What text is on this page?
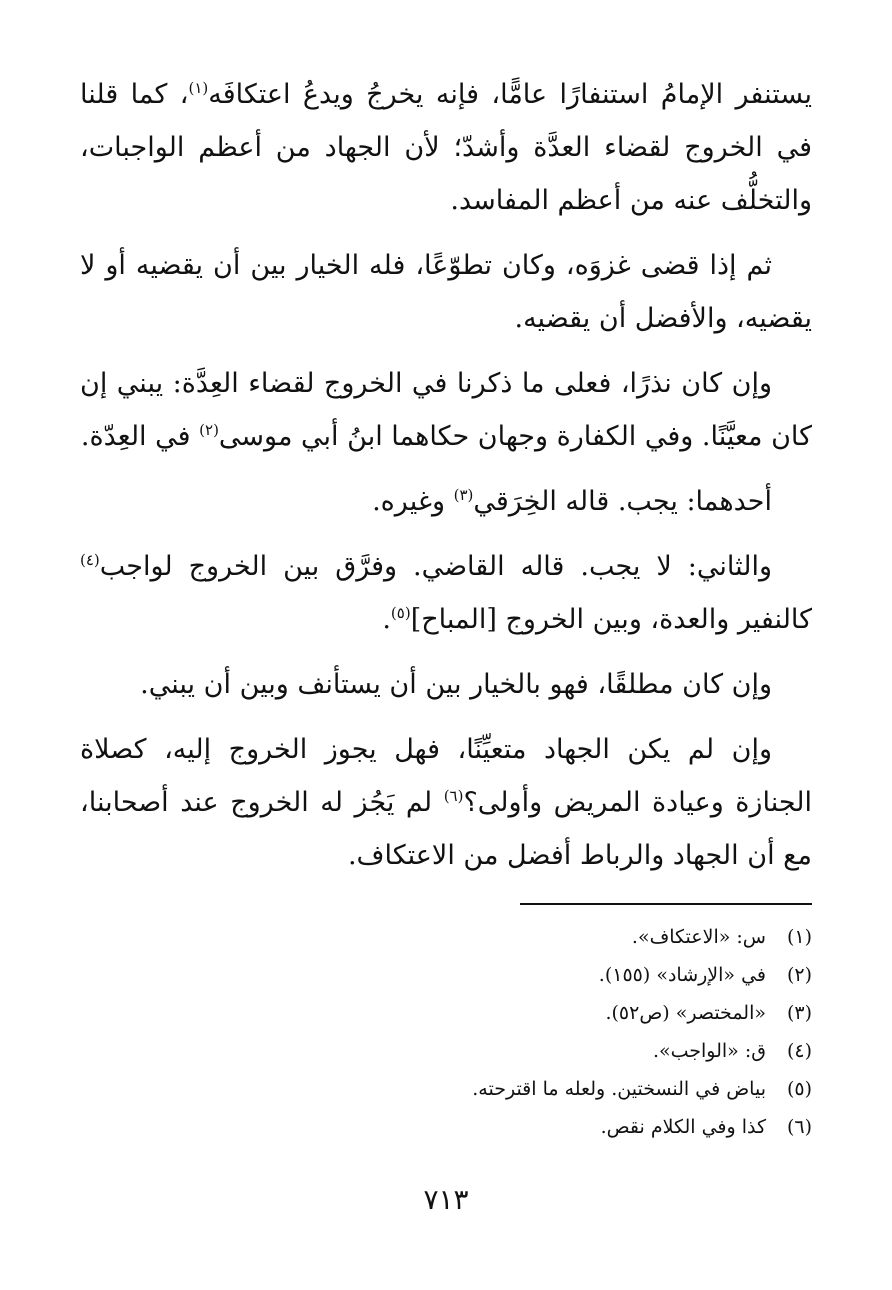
يستنفر الإمامُ استنفارًا عامًّا، فإنه يخرجُ ويدعُ اعتكافَه$^{(١)}$، كما قلنا في الخروج لقضاء العدَّة وأشدّ؛ لأن الجهاد من أعظم الواجبات، والتخلُّف عنه من أعظم المفاسد.

ثم إذا قضى غزوَه، وكان تطوّعًا، فله الخيار بين أن يقضيه أو لا يقضيه، والأفضل أن يقضيه.

وإن كان نذرًا، فعلى ما ذكرنا في الخروج لقضاء العِدَّة: يبني إن كان معيَّنًا. وفي الكفارة وجهان حكاهما ابنُ أبي موسى$^{(٢)}$ في العِدّة.

أحدهما: يجب. قاله الخِرَقي$^{(٣)}$ وغيره.

والثاني: لا يجب. قاله القاضي. وفرَّق بين الخروج لواجب$^{(٤)}$ كالنفير والعدة، وبين الخروج [المباح]$^{(٥)}$.

وإن كان مطلقًا، فهو بالخيار بين أن يستأنف وبين أن يبني.

وإن لم يكن الجهاد متعيِّنًا، فهل يجوز الخروج إليه، كصلاة الجنازة وعيادة المريض وأولى؟$^{(٦)}$ لم يَجُز له الخروج عند أصحابنا، مع أن الجهاد والرباط أفضل من الاعتكاف.

(١)
س: «الاعتكاف».
(٢)
في «الإرشاد» (١٥٥).
(٣)
«المختصر» (ص٥٢).
(٤)
ق: «الواجب».
(٥)
بياض في النسختين. ولعله ما اقترحته.
(٦)
كذا وفي الكلام نقص.
٧١٣
